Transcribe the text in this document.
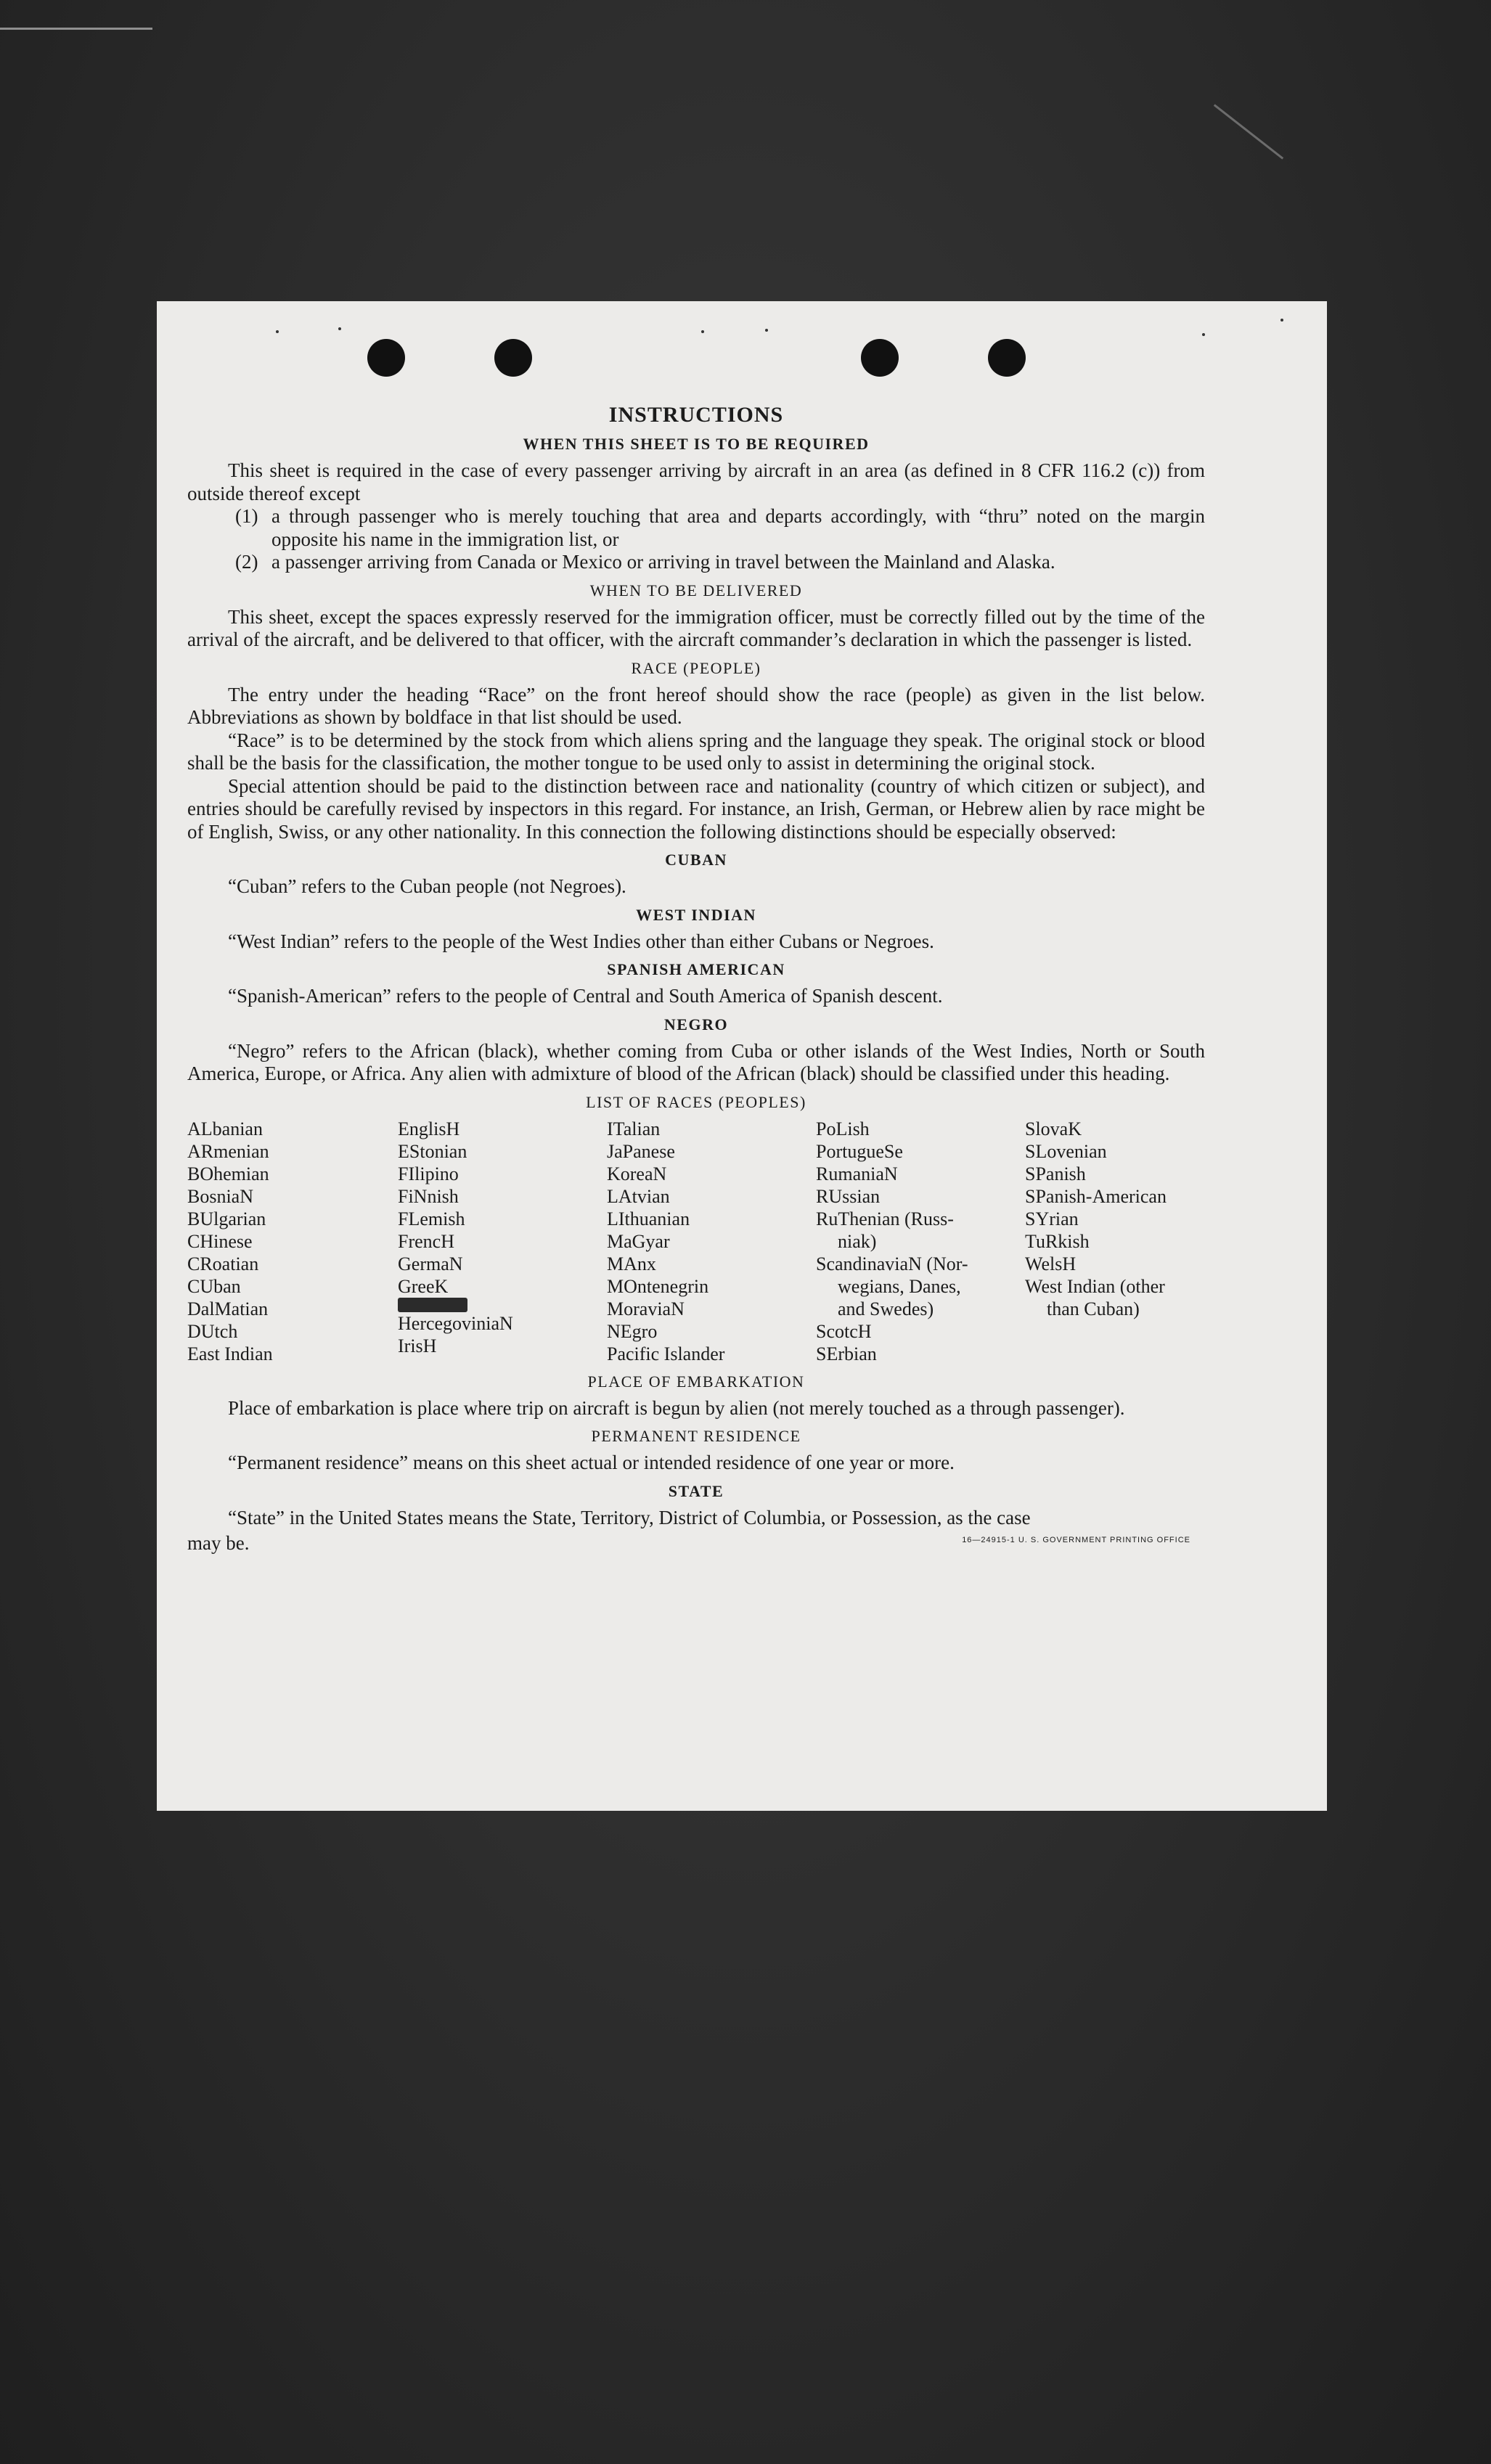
INSTRUCTIONS
WHEN THIS SHEET IS TO BE REQUIRED

This sheet is required in the case of every passenger arriving by aircraft in an area (as defined in 8 CFR 116.2 (c)) from outside thereof except

(1) a through passenger who is merely touching that area and departs accordingly, with “thru” noted on the margin opposite his name in the immigration list, or

(2) a passenger arriving from Canada or Mexico or arriving in travel between the Mainland and Alaska.

WHEN TO BE DELIVERED

This sheet, except the spaces expressly reserved for the immigration officer, must be correctly filled out by the time of the arrival of the aircraft, and be delivered to that officer, with the aircraft commander’s declaration in which the passenger is listed.

RACE (PEOPLE)

The entry under the heading “Race” on the front hereof should show the race (people) as given in the list below. Abbreviations as shown by boldface in that list should be used.

“Race” is to be determined by the stock from which aliens spring and the language they speak. The original stock or blood shall be the basis for the classification, the mother tongue to be used only to assist in determining the original stock.

Special attention should be paid to the distinction between race and nationality (country of which citizen or subject), and entries should be carefully revised by inspectors in this regard. For instance, an Irish, German, or Hebrew alien by race might be of English, Swiss, or any other nationality. In this connection the following distinctions should be especially observed:

CUBAN

“Cuban” refers to the Cuban people (not Negroes).

WEST INDIAN

“West Indian” refers to the people of the West Indies other than either Cubans or Negroes.

SPANISH AMERICAN

“Spanish-American” refers to the people of Central and South America of Spanish descent.

NEGRO

“Negro” refers to the African (black), whether coming from Cuba or other islands of the West Indies, North or South America, Europe, or Africa. Any alien with admixture of blood of the African (black) should be classified under this heading.

LIST OF RACES (PEOPLES)
ALbanian
ARmenian
BOhemian
BosniaN
BUlgarian
CHinese
CRoatian
CUban
DalMatian
DUtch
East Indian
EnglisH
EStonian
FIlipino
FiNnish
FLemish
FrencH
GermaN
GreeK
HercegoviniaN
IrisH
ITalian
JaPanese
KoreaN
LAtvian
LIthuanian
MaGyar
MAnx
MOntenegrin
MoraviaN
NEgro
Pacific Islander
PoLish
PortugueSe
RumaniaN
RUssian
RuThenian (Russ-
niak)
ScandinaviaN (Nor-
wegians, Danes,
and Swedes)
ScotcH
SErbian
SlovaK
SLovenian
SPanish
SPanish-American
SYrian
TuRkish
WelsH
West Indian (other
than Cuban)
PLACE OF EMBARKATION

Place of embarkation is place where trip on aircraft is begun by alien (not merely touched as a through passenger).

PERMANENT RESIDENCE

“Permanent residence” means on this sheet actual or intended residence of one year or more.

STATE

“State” in the United States means the State, Territory, District of Columbia, or Possession, as the case

may be.	16—24915-1 U. S. GOVERNMENT PRINTING OFFICE
